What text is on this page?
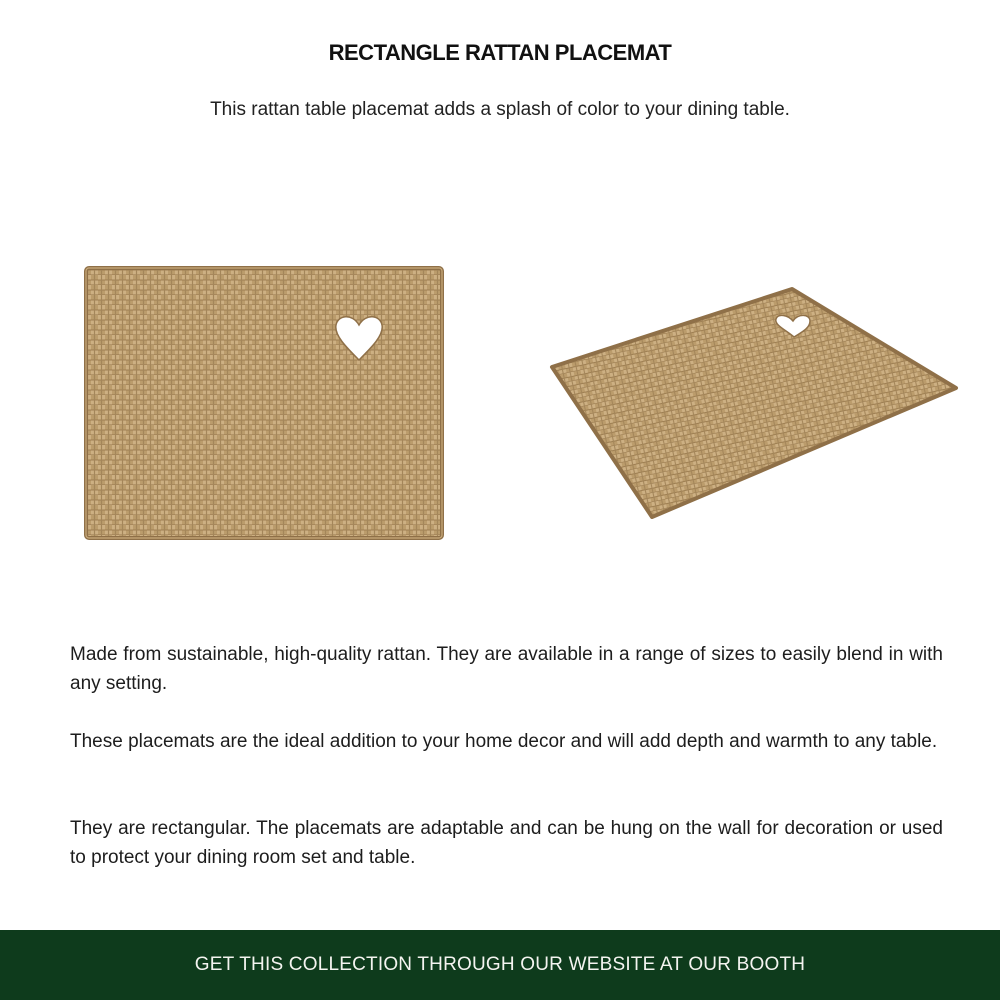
RECTANGLE RATTAN PLACEMAT
This rattan table placemat adds a splash of color to your dining table.
Made from sustainable, high-quality rattan. They are available in a range of sizes to easily blend in with any setting.
These placemats are the ideal addition to your home decor and will add depth and warmth to any table.
They are rectangular. The placemats are adaptable and can be hung on the wall for decoration or used to protect your dining room set and table.
GET THIS COLLECTION THROUGH OUR WEBSITE AT OUR BOOTH
